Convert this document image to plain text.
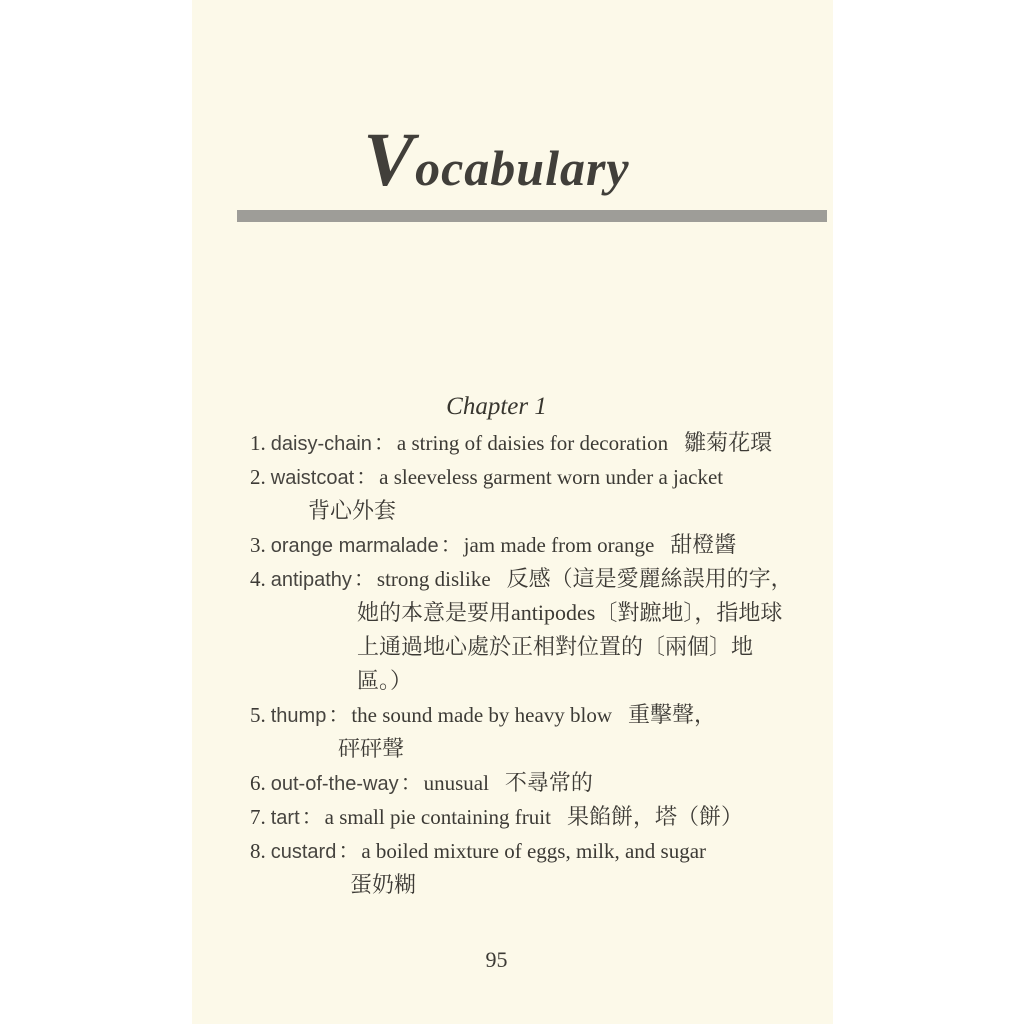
Vocabulary
Chapter 1
1. daisy-chain：a string of daisies for decoration 雛菊花環
2. waistcoat：a sleeveless garment worn under a jacket
背心外套
3. orange marmalade：jam made from orange 甜橙醬
4. antipathy：strong dislike 反感（這是愛麗絲誤用的字，
她的本意是要用antipodes〔對蹠地〕，指地球
上通過地心處於正相對位置的〔兩個〕地
區。）
5. thump：the sound made by heavy blow 重擊聲，
砰砰聲
6. out-of-the-way：unusual 不尋常的
7. tart：a small pie containing fruit 果餡餅，塔（餅）
8. custard：a boiled mixture of eggs, milk, and sugar
蛋奶糊
95
